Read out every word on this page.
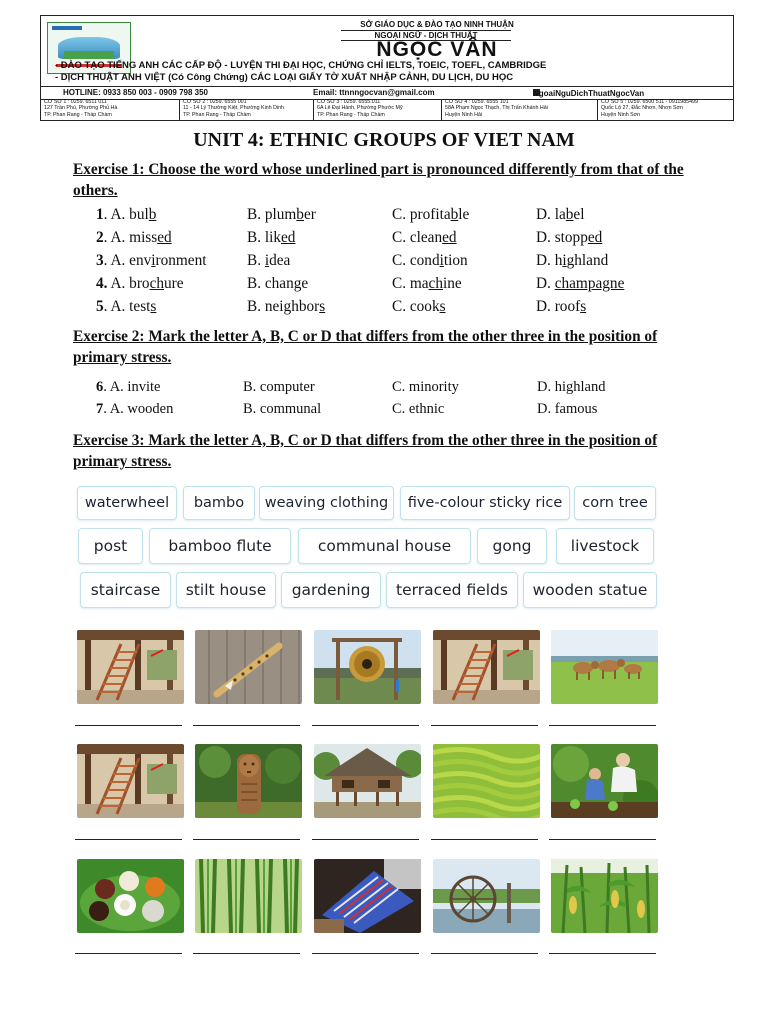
SỞ GIÁO DỤC & ĐÀO TẠO NINH THUẬN
NGOẠI NGỮ - DỊCH THUẬT
NGỌC VÂN
- ĐÀO TẠO TIẾNG ANH CÁC CẤP ĐỘ - LUYỆN THI ĐẠI HỌC, CHỨNG CHỈ IELTS, TOEIC, TOEFL, CAMBRIDGE
- DỊCH THUẬT ANH VIỆT (Có Công Chứng) CÁC LOẠI GIẤY TỜ XUẤT NHẬP CẢNH, DU LỊCH, DU HỌC
HOTLINE: 0933 850 003 - 0909 798 350	Email: ttnnngocvan@gmail.com	NgoaiNguDichThuatNgocVan
CƠ SỞ 1 : 0259. 6511 011
127 Trần Phú, Phường Phủ Hà
TP. Phan Rang - Tháp Chàm
CƠ SỞ 2 : 0259. 6555 001
11 - 14 Lý Thường Kiệt, Phường Kinh Dinh
TP. Phan Rang - Tháp Chàm
CƠ SỞ 3 : 0259. 6555.011
6A Lê Đại Hành, Phường Phước Mỹ
TP. Phan Rang - Tháp Chàm
CƠ SỞ 4 : 0259. 6555 101
58A Phạm Ngọc Thạch, Thị Trấn Khánh Hải
Huyện Ninh Hải
CƠ SỞ 5 : 0259. 6500 511 - 0911985499
Quốc Lộ 27, Đắc Nhơn, Nhơn Sơn
Huyện Ninh Sơn
UNIT 4: ETHNIC GROUPS OF VIET NAM
Exercise 1: Choose the word whose underlined part is pronounced differently from that of the others.
1. A. bulb	B. plumber	C. profitable	D. label
2. A. missed	B. liked	C. cleaned	D. stopped
3. A. environment	B. idea	C. condition	D. highland
4. A. brochure	B. change	C. machine	D. champagne
5. A. tests	B. neighbors	C. cooks	D. roofs
Exercise 2: Mark the letter A, B, C or D that differs from the other three in the position of primary stress.
6. A. invite	B. computer	C. minority	D. highland
7. A. wooden	B. communal	C. ethnic	D. famous
Exercise 3: Mark the letter A, B, C or D that differs from the other three in the position of primary stress.
waterwheel	bambo	weaving clothing	five-colour sticky rice	corn tree
post	bamboo flute	communal house	gong	livestock
staircase	stilt house	gardening	terraced fields	wooden statue
